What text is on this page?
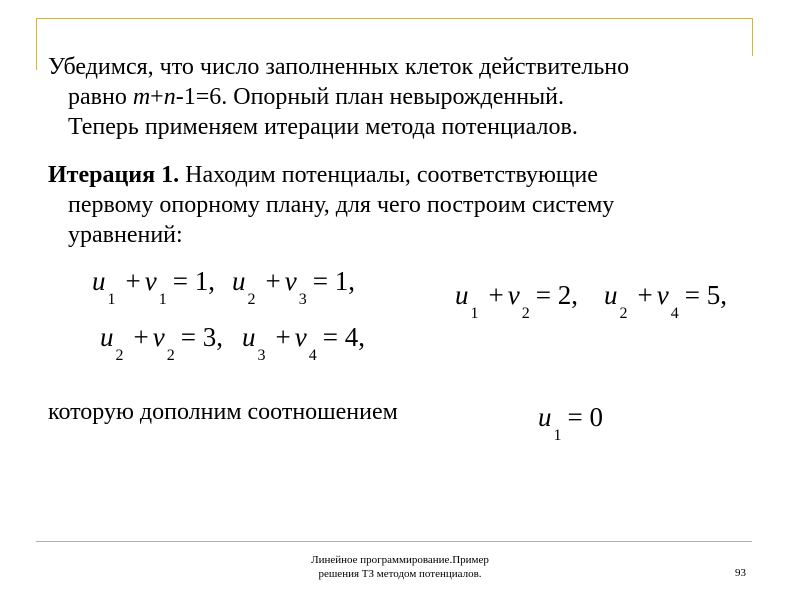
Убедимся, что число заполненных клеток действительно
равно m+n-1=6. Опорный план невырожденный.
Теперь применяем итерации метода потенциалов.

Итерация 1. Находим потенциалы, соответствующие
первому опорному плану, для чего построим систему
уравнений:

$u_1+ v_1= 1$, $u_2+ v_3= 1$,	$u_1+ v_2= 2$, $u_2+ v_4= 5$,
$u_2+ v_2= 3$, $u_3+ v_4= 4$,

которую дополним соотношением	$u_1= 0$
Линейное программирование.Пример
решения ТЗ методом потенциалов.	93
